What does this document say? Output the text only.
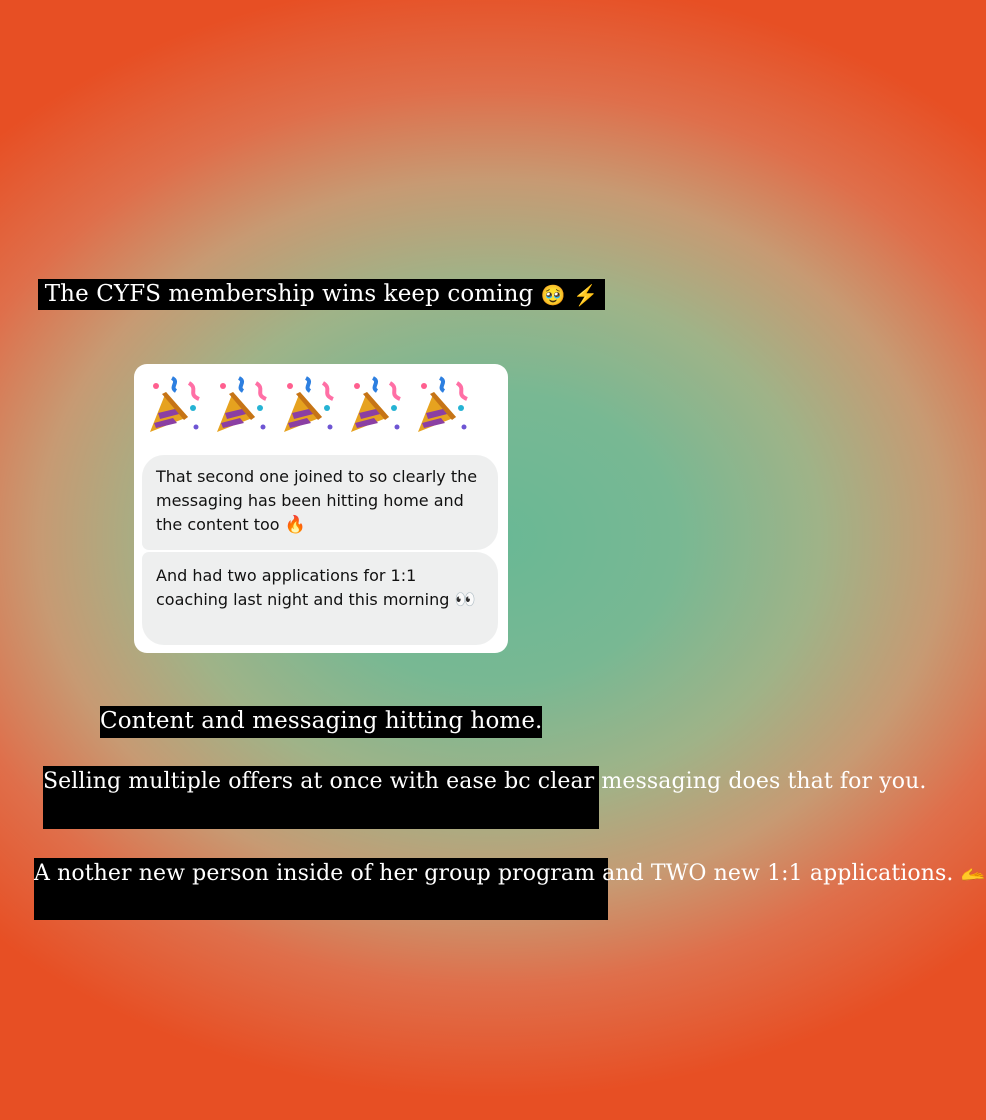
The CYFS membership wins keep coming 🥹 ⚡
That second one joined to so clearly the messaging has been hitting home and the content too 🔥
And had two applications for 1:1 coaching last night and this morning 👀
Content and messaging hitting home.
Selling multiple offers at once with ease bc clear messaging does that for you.
A nother new person inside of her group program and TWO new 1:1 applications. 🫴
